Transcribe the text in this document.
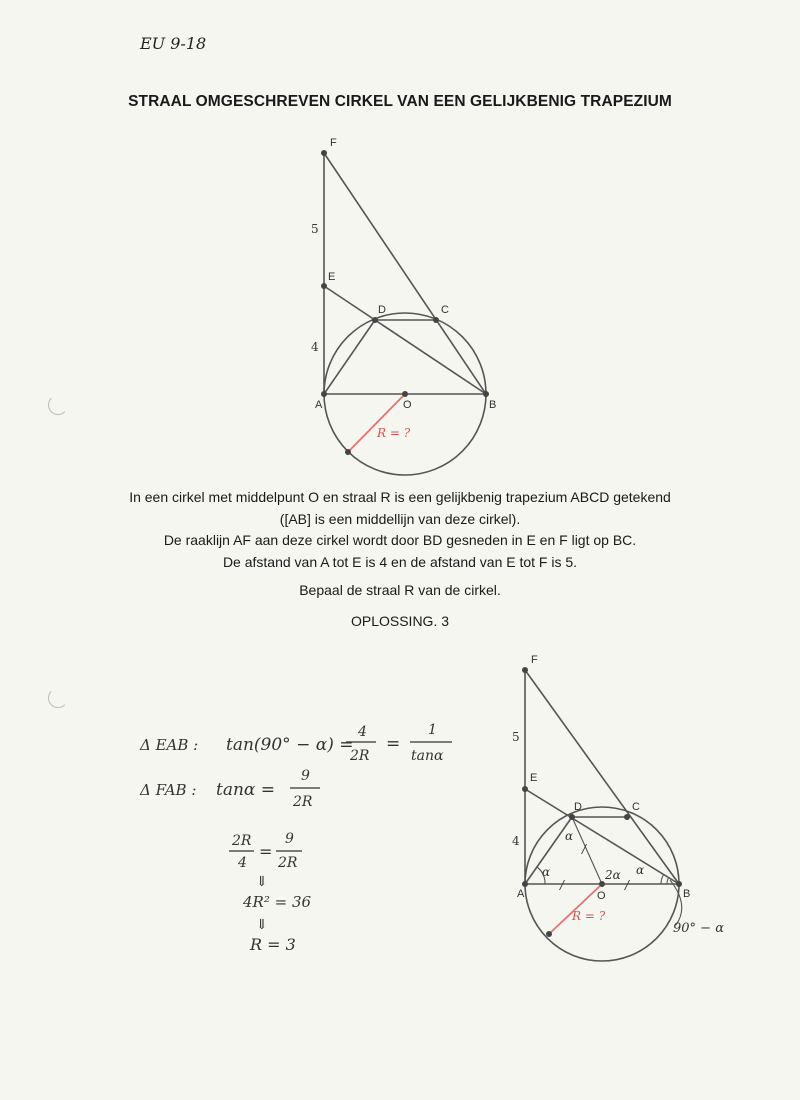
EU 9-18
STRAAL OMGESCHREVEN CIRKEL VAN EEN GELIJKBENIG TRAPEZIUM
F
E
D	C
A	O	B
5
4
R = ?
In een cirkel met middelpunt O en straal R is een gelijkbenig trapezium ABCD getekend
([AB] is een middellijn van deze cirkel).
De raaklijn AF aan deze cirkel wordt door BD gesneden in E en F ligt op BC.
De afstand van A tot E is 4 en de afstand van E tot F is 5.
Bepaal de straal R van de cirkel.
OPLOSSING. 3
Δ EAB : tan(90° − α) =
4
2R
=
1
tanα
Δ FAB : tanα =
9
2R
2R
4
=
9
2R
⇓
4R² = 36
⇓
R = 3
F
E
D	C
A	O	B
5
4
R = ?
α
α
2α α
90° − α
/	/
/
